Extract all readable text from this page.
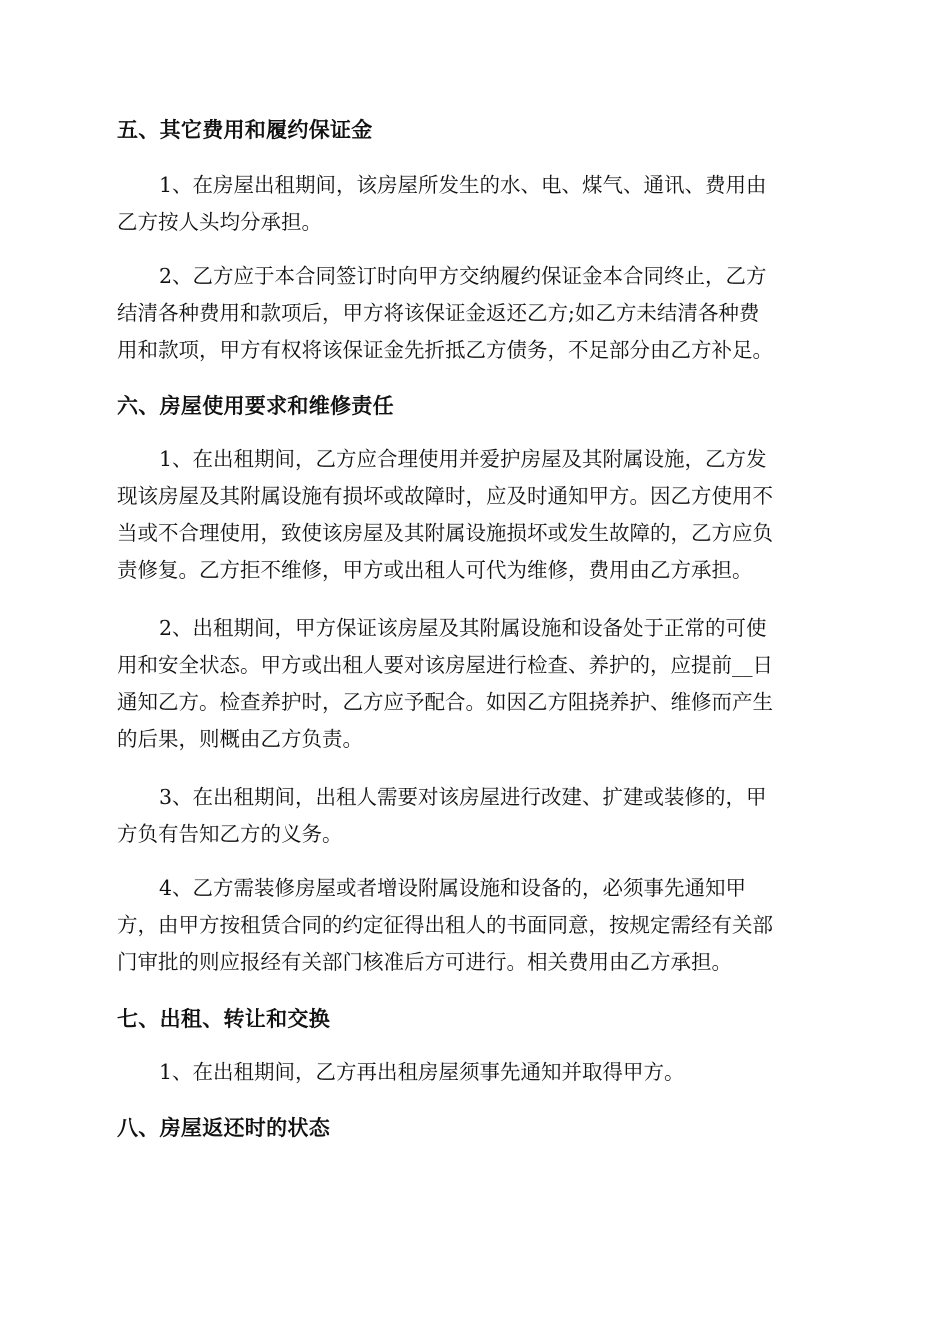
五、其它费用和履约保证金
1、在房屋出租期间，该房屋所发生的水、电、煤气、通讯、费用由
乙方按人头均分承担。
2、乙方应于本合同签订时向甲方交纳履约保证金本合同终止，乙方
结清各种费用和款项后，甲方将该保证金返还乙方;如乙方未结清各种费
用和款项，甲方有权将该保证金先折抵乙方债务，不足部分由乙方补足。
六、房屋使用要求和维修责任
1、在出租期间，乙方应合理使用并爱护房屋及其附属设施，乙方发
现该房屋及其附属设施有损坏或故障时，应及时通知甲方。因乙方使用不
当或不合理使用，致使该房屋及其附属设施损坏或发生故障的，乙方应负
责修复。乙方拒不维修，甲方或出租人可代为维修，费用由乙方承担。
2、出租期间，甲方保证该房屋及其附属设施和设备处于正常的可使
用和安全状态。甲方或出租人要对该房屋进行检查、养护的，应提前__日
通知乙方。检查养护时，乙方应予配合。如因乙方阻挠养护、维修而产生
的后果，则概由乙方负责。
3、在出租期间，出租人需要对该房屋进行改建、扩建或装修的，甲
方负有告知乙方的义务。
4、乙方需装修房屋或者增设附属设施和设备的，必须事先通知甲
方，由甲方按租赁合同的约定征得出租人的书面同意，按规定需经有关部
门审批的则应报经有关部门核准后方可进行。相关费用由乙方承担。
七、出租、转让和交换
1、在出租期间，乙方再出租房屋须事先通知并取得甲方。
八、房屋返还时的状态
